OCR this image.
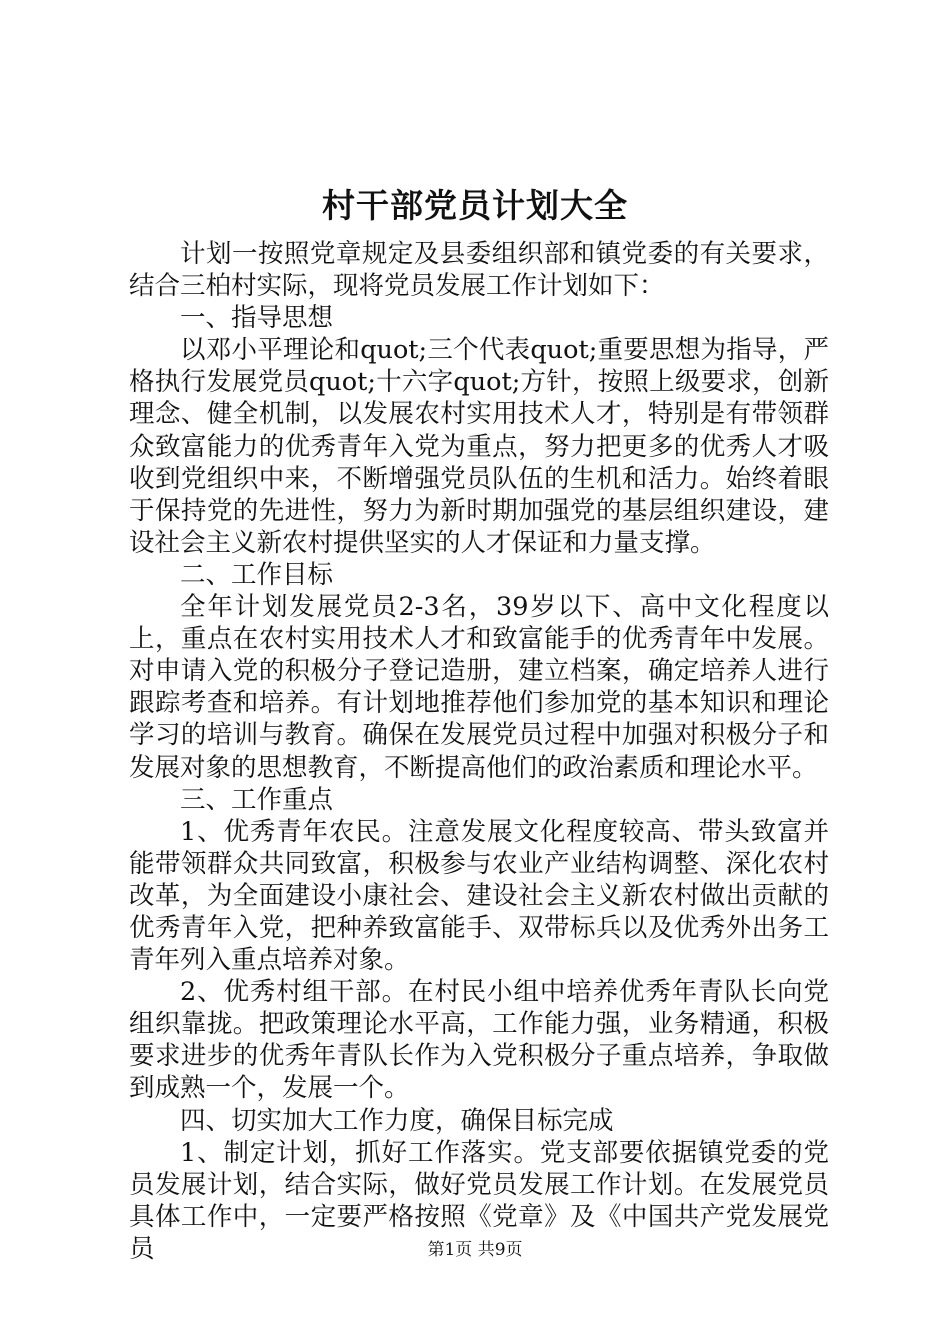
村干部党员计划大全

计划一按照党章规定及县委组织部和镇党委的有关要求，结合三柏村实际，现将党员发展工作计划如下：

一、指导思想

以邓小平理论和quot;三个代表quot;重要思想为指导，严格执行发展党员quot;十六字quot;方针，按照上级要求，创新理念、健全机制，以发展农村实用技术人才，特别是有带领群众致富能力的优秀青年入党为重点，努力把更多的优秀人才吸收到党组织中来，不断增强党员队伍的生机和活力。始终着眼于保持党的先进性，努力为新时期加强党的基层组织建设，建设社会主义新农村提供坚实的人才保证和力量支撑。

二、工作目标

全年计划发展党员2-3名，39岁以下、高中文化程度以上，重点在农村实用技术人才和致富能手的优秀青年中发展。对申请入党的积极分子登记造册，建立档案，确定培养人进行跟踪考查和培养。有计划地推荐他们参加党的基本知识和理论学习的培训与教育。确保在发展党员过程中加强对积极分子和发展对象的思想教育，不断提高他们的政治素质和理论水平。

三、工作重点

1、优秀青年农民。注意发展文化程度较高、带头致富并能带领群众共同致富，积极参与农业产业结构调整、深化农村改革，为全面建设小康社会、建设社会主义新农村做出贡献的优秀青年入党，把种养致富能手、双带标兵以及优秀外出务工青年列入重点培养对象。

2、优秀村组干部。在村民小组中培养优秀年青队长向党组织靠拢。把政策理论水平高，工作能力强，业务精通，积极要求进步的优秀年青队长作为入党积极分子重点培养，争取做到成熟一个，发展一个。

四、切实加大工作力度，确保目标完成

1、制定计划，抓好工作落实。党支部要依据镇党委的党员发展计划，结合实际，做好党员发展工作计划。在发展党员具体工作中，一定要严格按照《党章》及《中国共产党发展党员	第1页 共9页
